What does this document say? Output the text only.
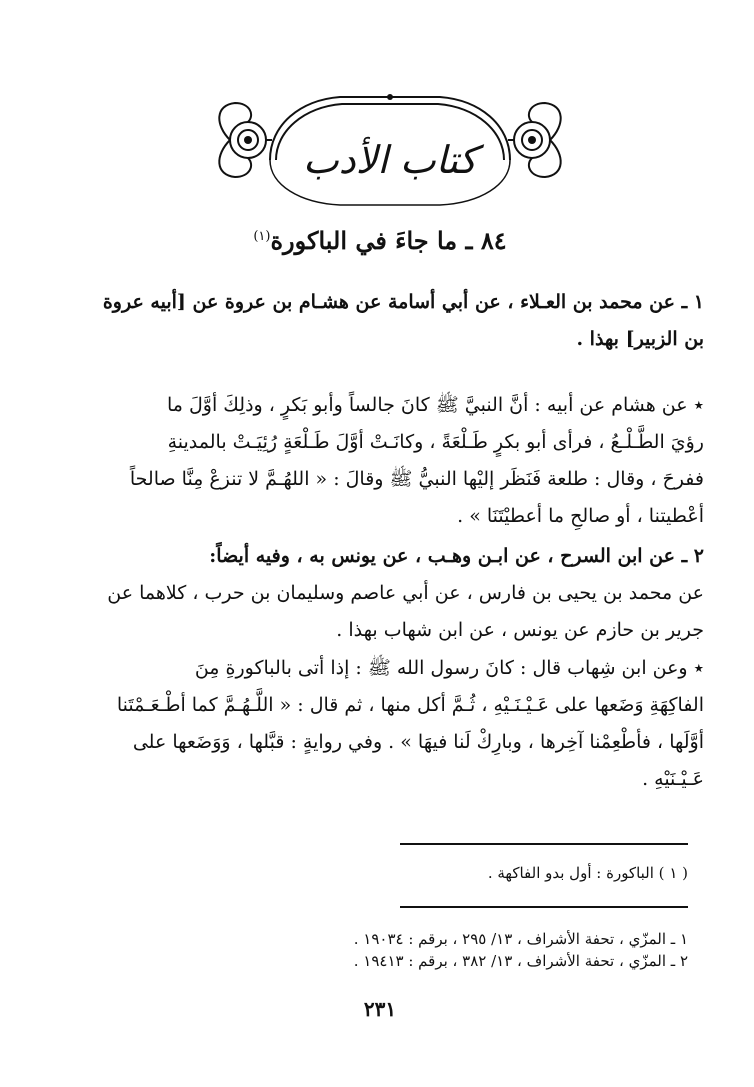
كتاب الأدب
٨٤ ـ ما جاءَ في الباكورة$^{(١)}$
١ ـ عن محمد بن العـلاء ، عن أبي أسامة عن هشـام بن عروة عن [أبيه عروة
بن الزبير] بهذا .
٭ عن هشام عن أبيه : أنَّ النبيَّ ﷺ كانَ جالساً وأبو بَكرٍ ، وذلِكَ أوَّلَ ما
رؤيَ الطَّـلْـعُ ، فرأى أبو بكرٍ طَـلْعَةً ، وكانَـتْ أوَّلَ طَـلْعَةٍ رُئِيَـتْ بالمدينةِ
ففرحَ ، وقال : طلعة فَنَظَر إليْها النبيُّ ﷺ وقالَ : « اللهُـمَّ لا تنزعْ مِنَّا صالحاً
أعْطيتنا ، أو صالحِ ما أعطيْتَنَا » .
٢ ـ عن ابن السرح ، عن ابـن وهـب ، عن يونس به ، وفيه أيضاً:
عن محمد بن يحيى بن فارس ، عن أبي عاصم وسليمان بن حرب ، كلاهما عن
جرير بن حازم عن يونس ، عن ابن شهاب بهذا .
٭ وعن ابن شِهاب قال : كانَ رسول الله ﷺ : إذا أتى بالباكورةِ مِنَ
الفاكِهَةِ وَضَعها على عَـيْـنَـيْهِ ، ثُـمَّ أكل منها ، ثم قال : « اللَّـهُـمَّ كما أطْـعَـمْتَنا
أوَّلَها ، فأطْعِمْنا آخِرها ، وبارِكْ لَنا فيهَا » . وفي روايةٍ : قبَّلها ، وَوَضَعها على
عَـيْـنَيْهِ .
( ١ ) الباكورة : أول بدو الفاكهة .
١ ـ المزّي ، تحفة الأشراف ، ١٣/ ٢٩٥ ، برقم : ١٩٠٣٤ .
٢ ـ المزّي ، تحفة الأشراف ، ١٣/ ٣٨٢ ، برقم : ١٩٤١٣ .
٢٣١
